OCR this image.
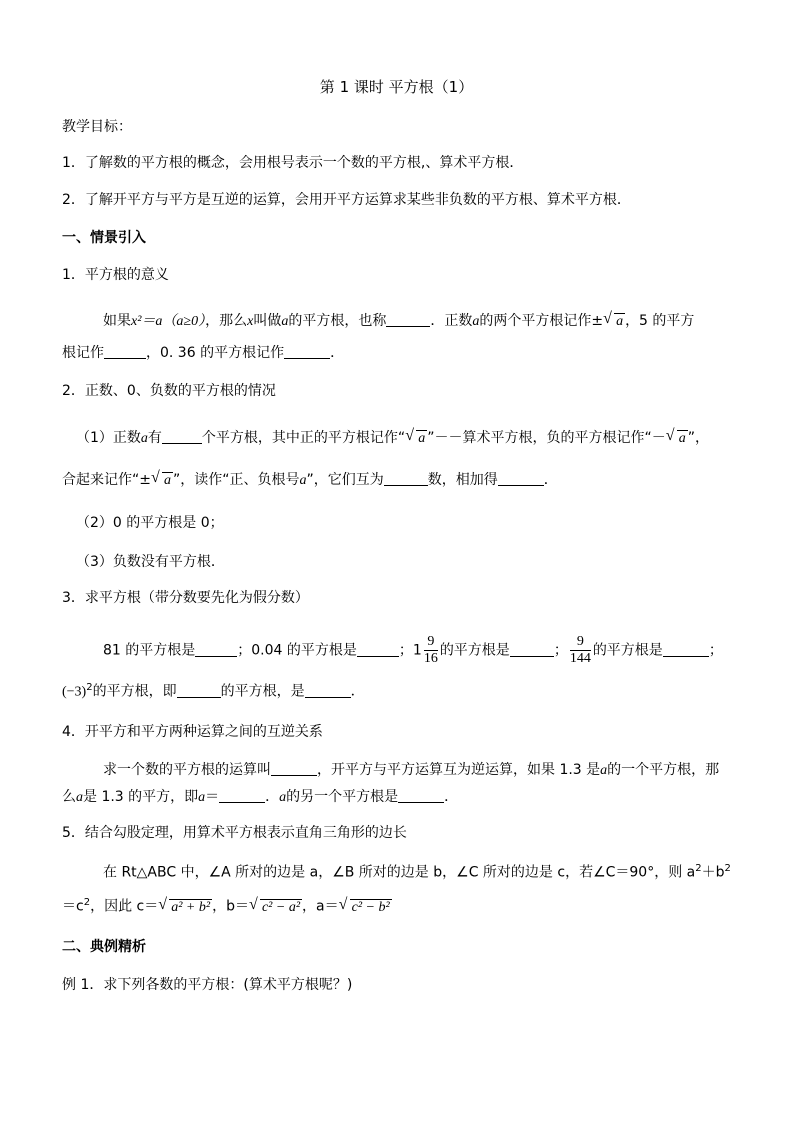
第 1 课时 平方根（1）
教学目标：
1．了解数的平方根的概念，会用根号表示一个数的平方根,、算术平方根．
2．了解开平方与平方是互逆的运算，会用开平方运算求某些非负数的平方根、算术平方根．
一、情景引入
1．平方根的意义
如果x²＝a（a≥0），那么x叫做a的平方根，也称	．正数a的两个平方根记作± √ a ，5 的平方
根记作	，0. 36 的平方根记作	．
2．正数、0、负数的平方根的情况
（1）正数a有	个平方根，其中正的平方根记作“ √ a ”－－算术平方根，负的平方根记作“－ √ a ”，
合起来记作“± √ a ”，读作“正、负根号a”，它们互为	数，相加得	．
（2）0 的平方根是 0；
（3）负数没有平方根．
3．求平方根（带分数要先化为假分数）
81 的平方根是	；0.04 的平方根是	；$1 \frac{9}{16}$ 的平方根是	； $\frac{9}{144}$ 的平方根是	；
$(-3)^2$的平方根，即	的平方根，是	．
4．开平方和平方两种运算之间的互逆关系
求一个数的平方根的运算叫	，开平方与平方运算互为逆运算，如果 1.3 是a的一个平方根，那
么a是 1.3 的平方，即a＝	．a的另一个平方根是	．
5．结合勾股定理，用算术平方根表示直角三角形的边长
在 Rt△ABC 中，∠A 所对的边是 a，∠B 所对的边是 b，∠C 所对的边是 c，若∠C＝90°，则 $a^2+b^2$
$=c^2$，因此 c＝ √ a² + b² ，b＝ √ c² − a² ，a＝ √ c² − b²
二、典例精析
例 1．求下列各数的平方根：(算术平方根呢？)
